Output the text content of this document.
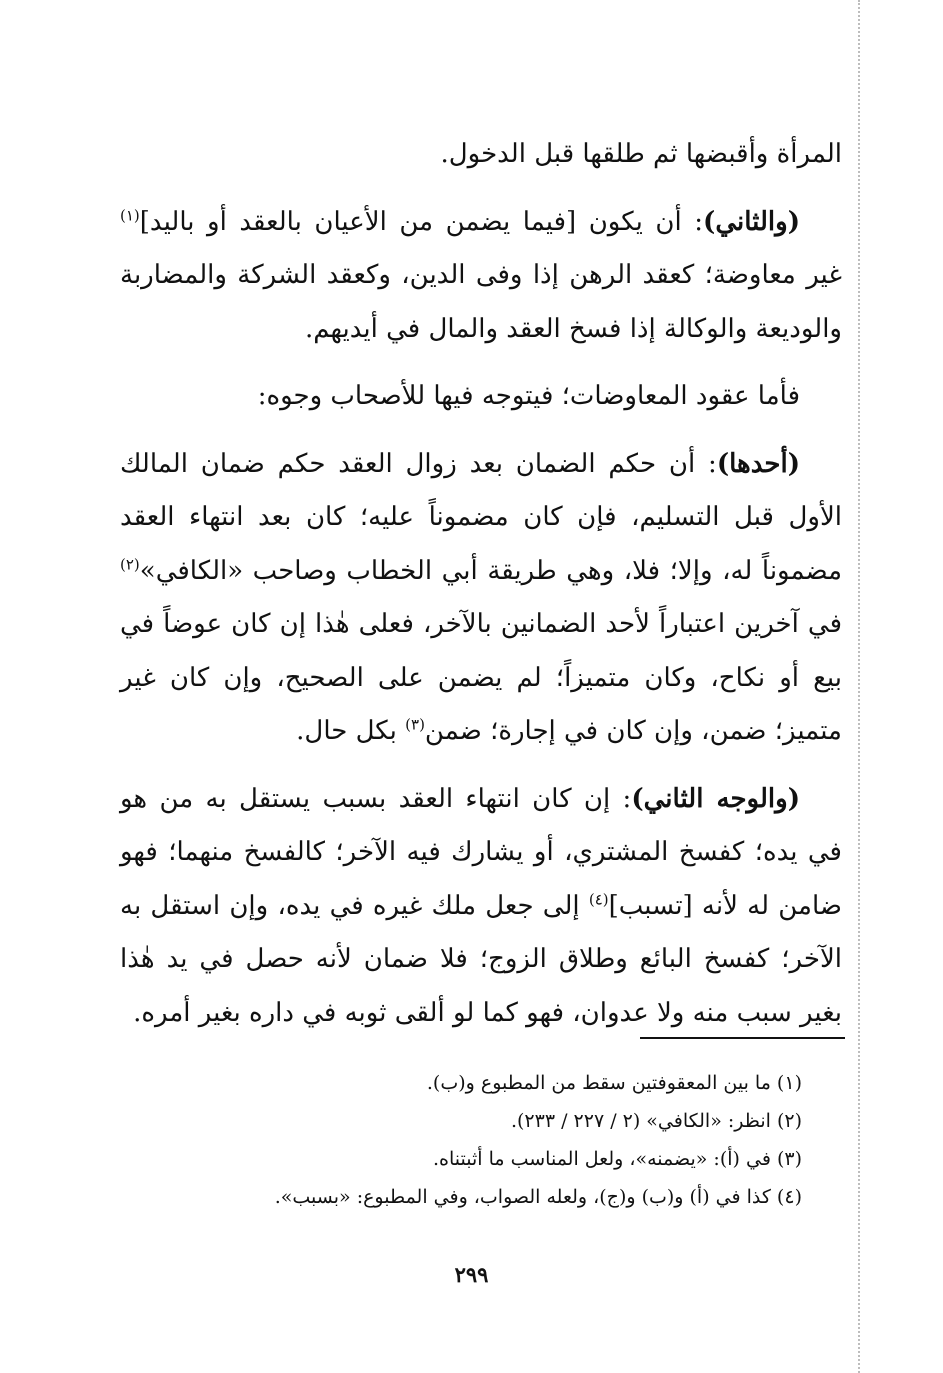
المرأة وأقبضها ثم طلقها قبل الدخول.

(والثاني): أن يكون [فيما يضمن من الأعيان بالعقد أو باليد]$^{(١)}$ غير معاوضة؛ كعقد الرهن إذا وفى الدين، وكعقد الشركة والمضاربة والوديعة والوكالة إذا فسخ العقد والمال في أيديهم.

فأما عقود المعاوضات؛ فيتوجه فيها للأصحاب وجوه:

(أحدها): أن حكم الضمان بعد زوال العقد حكم ضمان المالك الأول قبل التسليم، فإن كان مضموناً عليه؛ كان بعد انتهاء العقد مضموناً له، وإلا؛ فلا، وهي طريقة أبي الخطاب وصاحب «الكافي»$^{(٢)}$ في آخرين اعتباراً لأحد الضمانين بالآخر، فعلى هٰذا إن كان عوضاً في بيع أو نكاح، وكان متميزاً؛ لم يضمن على الصحيح، وإن كان غير متميز؛ ضمن، وإن كان في إجارة؛ ضمن$^{(٣)}$ بكل حال.

(والوجه الثاني): إن كان انتهاء العقد بسبب يستقل به من هو في يده؛ كفسخ المشتري، أو يشارك فيه الآخر؛ كالفسخ منهما؛ فهو ضامن له لأنه [تسبب]$^{(٤)}$ إلى جعل ملك غيره في يده، وإن استقل به الآخر؛ كفسخ البائع وطلاق الزوج؛ فلا ضمان لأنه حصل في يد هٰذا بغير سبب منه ولا عدوان، فهو كما لو ألقى ثوبه في داره بغير أمره.

(١) ما بين المعقوفتين سقط من المطبوع و(ب).

(٢) انظر: «الكافي» (٢ / ٢٢٧ / ٢٣٣).

(٣) في (أ): «يضمنه»، ولعل المناسب ما أثبتناه.

(٤) كذا في (أ) و(ب) و(ج)، ولعله الصواب، وفي المطبوع: «بسبب».

٢٩٩
